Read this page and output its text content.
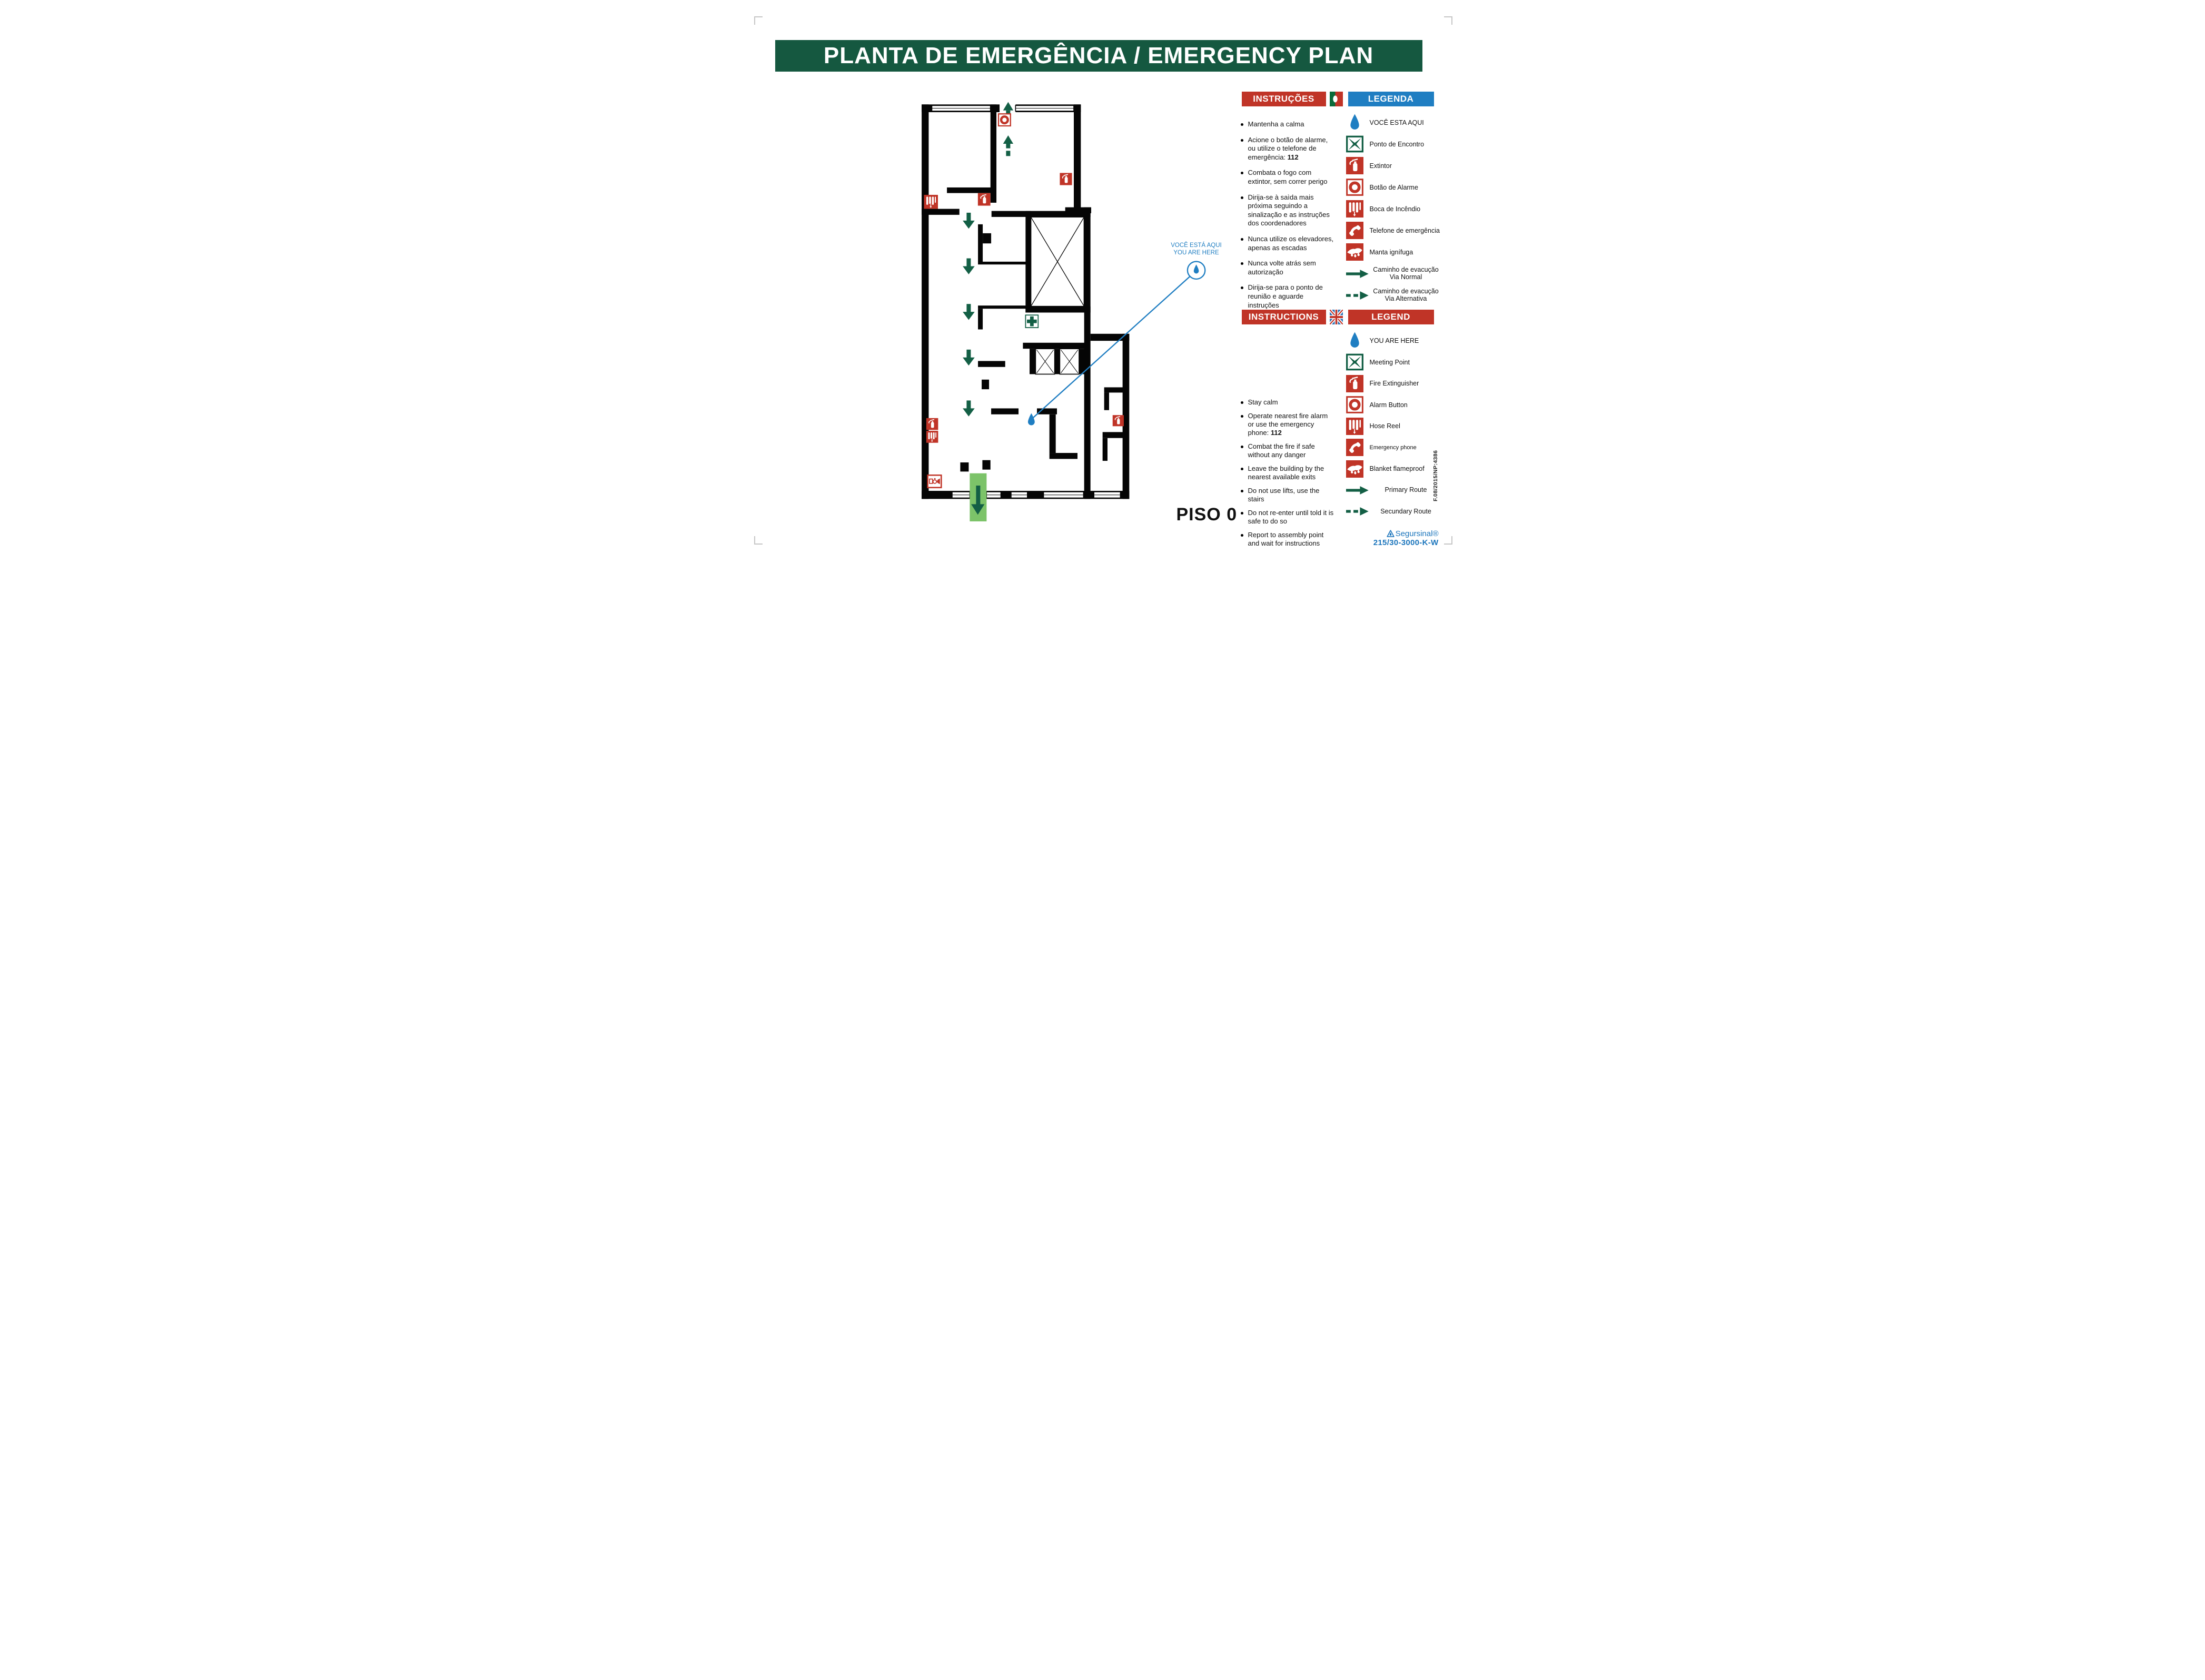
PLANTA DE EMERGÊNCIA / EMERGENCY PLAN
VOCÊ ESTÁ AQUI
YOU ARE HERE
PISO 0
INSTRUÇÕES	LEGENDA
INSTRUCTIONS	LEGEND
Mantenha a calma
Acione o botão de alarme, ou utilize o telefone de emergência: 112
Combata o fogo com extintor, sem correr perigo
Dirija-se à saìda mais próxima seguindo a sinalização e as instruções dos coordenadores
Nunca utilize os elevadores, apenas as escadas
Nunca volte atrás sem autorização
Dirija-se para o ponto de reunião e aguarde instruções
Stay calm
Operate nearest fire alarm or use the emergency phone: 112
Combat the fire if safe without any danger
Leave the building by the nearest available exits
Do not use lifts, use the stairs
Do not re-enter until told it is safe to do so
Report to assembly point and wait for instructions
VOCÊ ESTA AQUI
Ponto de Encontro
Extintor
Botão de Alarme
Boca de Incêndio
Telefone de emergência
Manta ignífuga
Caminho de evacução
Via Normal
Caminho de evacução
Via Alternativa
YOU ARE HERE
Meeting Point
Fire Extinguisher
Alarm Button
Hose Reel
Emergency phone
Blanket flameproof
Primary Route
Secundary Route
Segursinal®
215/30-3000-K-W
F.08/2015/NP:4386
